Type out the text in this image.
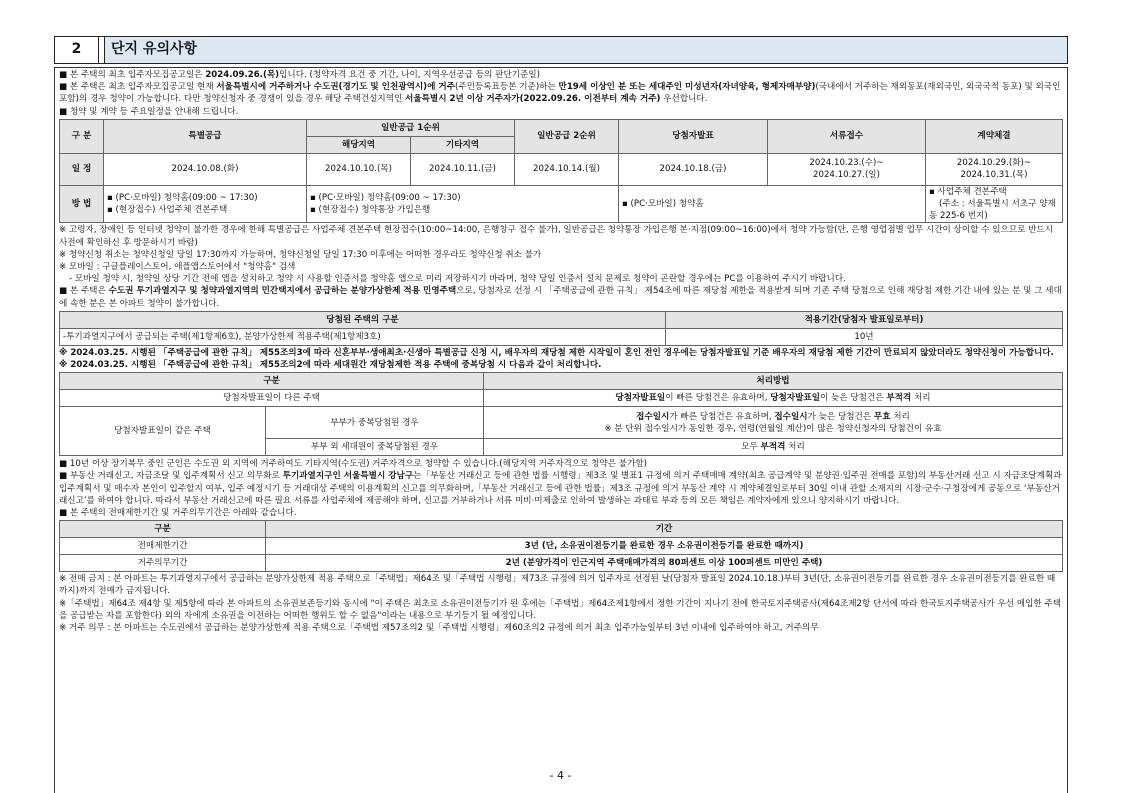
2	단지 유의사항

■ 본 주택의 최초 입주자모집공고일은 2024.09.26.(목)입니다. (청약자격 요건 중 기간, 나이, 지역우선공급 등의 판단기준일)

■ 본 주택은 최초 입주자모집공고일 현재 서울특별시에 거주하거나 수도권(경기도 및 인천광역시)에 거주(주민등록표등본 기준)하는 만19세 이상인 분 또는 세대주인 미성년자(자녀양육, 형제자매부양)(국내에서 거주하는 재외동포(재외국민, 외국국적 동포) 및 외국인 포함)의 경우 청약이 가능합니다. 다만 청약신청자 중 경쟁이 있을 경우 해당 주택건설지역인 서울특별시 2년 이상 거주자가(2022.09.26. 이전부터 계속 거주) 우선합니다.

■ 청약 및 계약 등 주요일정을 안내해 드립니다.

구 분	특별공급	일반공급 1순위		일반공급 2순위	당첨자발표	서류접수	계약체결
		해당지역	기타지역				
일 정	2024.10.08.(화)	2024.10.10.(목)	2024.10.11.(금)	2024.10.14.(월)	2024.10.18.(금)	2024.10.23.(수)~
2024.10.27.(일)	2024.10.29.(화)~
2024.10.31.(목)
방 법	▪ (PC·모바일) 청약홈(09:00 ~ 17:30)
▪ (현장접수) 사업주체 견본주택	▪ (PC·모바일) 청약홈(09:00 ~ 17:30)
▪ (현장접수) 청약통장 가입은행			▪ (PC·모바일) 청약홈		▪ 사업주체 견본주택
(주소 : 서울특별시 서초구 양재동 225-6 번지)

※ 고령자, 장애인 등 인터넷 청약이 불가한 경우에 한해 특별공급은 사업주체 견본주택 현장접수(10:00~14:00, 은행창구 접수 불가), 일반공급은 청약통장 가입은행 본·지점(09:00~16:00)에서 청약 가능함(단, 은행 영업점별 업무 시간이 상이할 수 있으므로 반드시 사전에 확인하신 후 방문하시기 바람)

※ 청약신청 취소는 청약신청일 당일 17:30까지 가능하며, 청약신청일 당일 17:30 이후에는 어떠한 경우라도 청약신청 취소 불가

※ 모바일 : 구글플레이스토어, 애플앱스토어에서 "청약홈" 검색

- 모바일 청약 시, 청약일 상당 기간 전에 앱을 설치하고 청약 시 사용할 인증서를 청약홈 앱으로 미리 저장하시기 바라며, 청약 당일 인증서 설치 문제로 청약이 곤란할 경우에는 PC를 이용하여 주시기 바랍니다.

■ 본 주택은 수도권 투기과열지구 및 청약과열지역의 민간택지에서 공급하는 분양가상한제 적용 민영주택으로, 당첨자로 선정 시 「주택공급에 관한 규칙」 제54조에 따른 재당첨 제한을 적용받게 되며 기존 주택 당첨으로 인해 재당첨 제한 기간 내에 있는 분 및 그 세대에 속한 분은 본 아파트 청약이 불가합니다.

당첨된 주택의 구분	적용기간(당첨자 발표일로부터)
-투기과열지구에서 공급되는 주택(제1항제6호), 분양가상한제 적용주택(제1항제3호)	10년

※ 2024.03.25. 시행된 「주택공급에 관한 규칙」 제55조의3에 따라 신혼부부·생애최초·신생아 특별공급 신청 시, 배우자의 재당첨 제한 시작일이 혼인 전인 경우에는 당첨자발표일 기준 배우자의 재당첨 제한 기간이 만료되지 않았더라도 청약신청이 가능합니다.

※ 2024.03.25. 시행된 「주택공급에 관한 규칙」 제55조의2에 따라 세대원간 재당첨제한 적용 주택에 중복당첨 시 다음과 같이 처리합니다.

구분		처리방법
당첨자발표일이 다른 주택		당첨자발표일이 빠른 당첨건은 유효하며, 당첨자발표일이 늦은 당첨건은 부적격 처리
당첨자발표일이 같은 주택	부부가 중복당첨된 경우	접수일시가 빠른 당첨건은 유효하며, 접수일시가 늦은 당첨건은 무효 처리
※ 분 단위 접수일시가 동일한 경우, 연령(연월일 계산)이 많은 청약신청자의 당첨건이 유효
	부부 외 세대원이 중복당첨된 경우	모두 부적격 처리

■ 10년 이상 장기복무 중인 군인은 수도권 외 지역에 거주하여도 기타지역(수도권) 거주자격으로 청약할 수 있습니다.(해당지역 거주자격으로 청약은 불가함)

■ 부동산 거래신고, 자금조달 및 입주계획서 신고 의무화로 투기과열지구인 서울특별시 강남구는「부동산 거래신고 등에 관한 법률 시행령」제3조 및 별표1 규정에 의거 주택매매 계약(최초 공급계약 및 분양권·입주권 전매를 포함)의 부동산거래 신고 시 자금조달계획과 입주계획서 및 매수자 본인이 입주할지 여부, 입주 예정시기 등 거래대상 주택의 이용계획의 신고를 의무화하며,「부동산 거래신고 등에 관한 법률」제3조 규정에 의거 부동산 계약 시 계약체결일로부터 30일 이내 관할 소재지의 시장·군수·구청장에게 공동으로 ‘부동산거래신고’를 하여야 합니다. 따라서 부동산 거래신고에 따른 필요 서류를 사업주체에 제공해야 하며, 신고를 거부하거나 서류 미비·미제출로 인하여 발생하는 과태료 부과 등의 모든 책임은 계약자에게 있으니 양지하시기 바랍니다.

■ 본 주택의 전매제한기간 및 거주의무기간은 아래와 같습니다.

구분	기간
전매제한기간	3년 (단, 소유권이전등기를 완료한 경우 소유권이전등기를 완료한 때까지)
거주의무기간	2년 (분양가격이 인근지역 주택매매가격의 80퍼센트 이상 100퍼센트 미만인 주택)

※ 전매 금지 : 본 아파트는 투기과열지구에서 공급하는 분양가상한제 적용 주택으로「주택법」제64조 및「주택법 시행령」제73조 규정에 의거 입주자로 선정된 날(당첨자 발표일 2024.10.18.)부터 3년(단, 소유권이전등기를 완료한 경우 소유권이전등기를 완료한 때까지)까지 전매가 금지됩니다.

※「주택법」제64조 제4항 및 제5항에 따라 본 아파트의 소유권보존등기와 동시에 "이 주택은 최초로 소유권이전등기가 된 후에는「주택법」제64조제1항에서 정한 기간이 지나기 전에 한국토지주택공사(제64조제2항 단서에 따라 한국토지주택공사가 우선 매입한 주택을 공급받는 자를 포함한다) 외의 자에게 소유권을 이전하는 어떠한 행위도 할 수 없음"이라는 내용으로 부기등기 될 예정입니다.

※ 거주 의무 : 본 아파트는 수도권에서 공급하는 분양가상한제 적용 주택으로「주택법 제57조의2 및「주택법 시행령」제60조의2 규정에 의거 최초 입주가능일부터 3년 이내에 입주하여야 하고, 거주의무

- 4 -
